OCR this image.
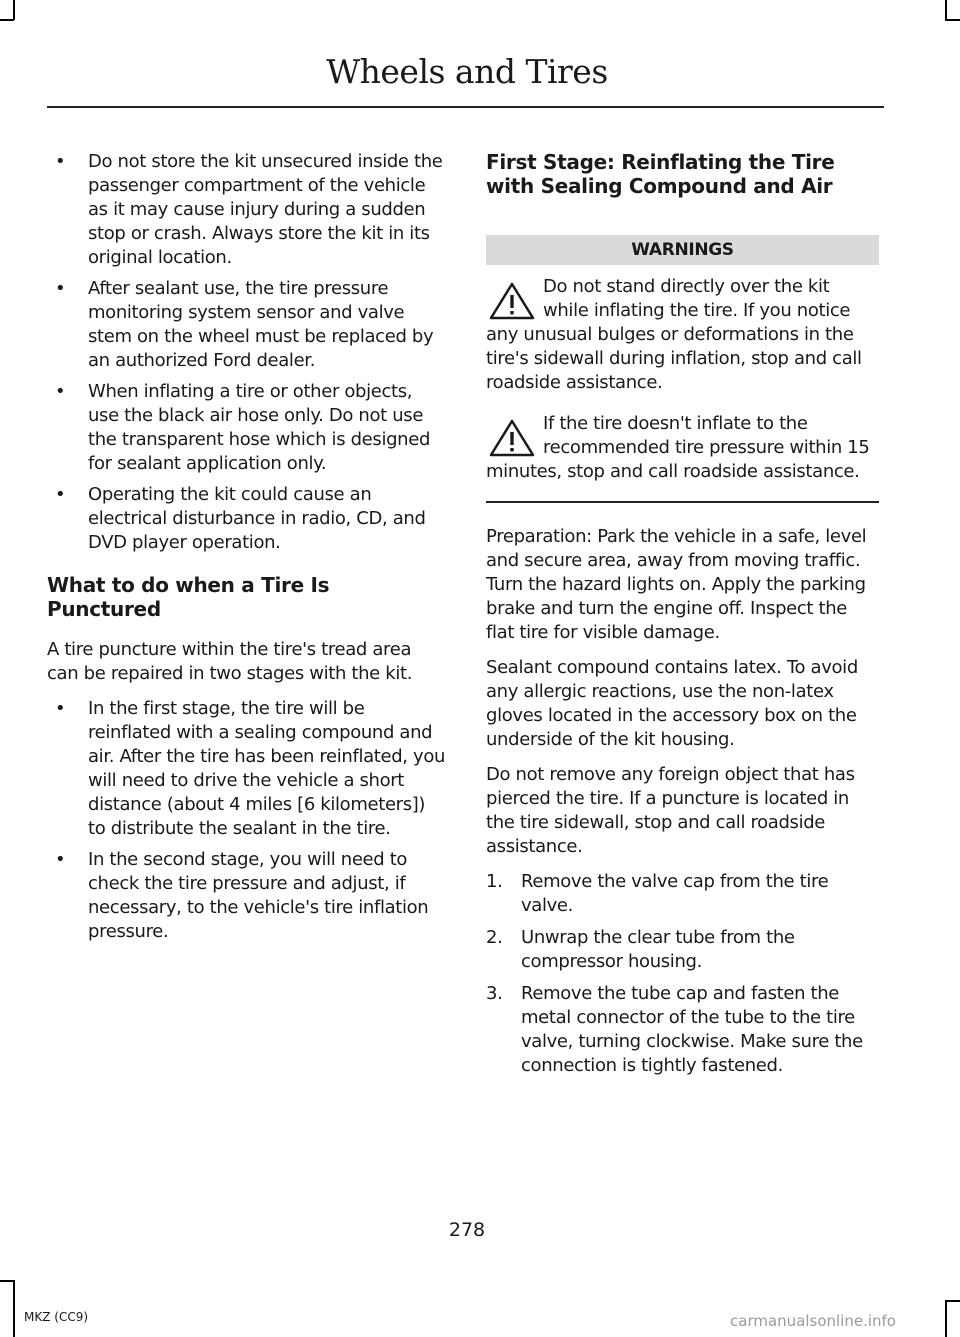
Wheels and Tires
• Do not store the kit unsecured inside the passenger compartment of the vehicle as it may cause injury during a sudden stop or crash. Always store the kit in its original location.
• After sealant use, the tire pressure monitoring system sensor and valve stem on the wheel must be replaced by an authorized Ford dealer.
• When inflating a tire or other objects, use the black air hose only. Do not use the transparent hose which is designed for sealant application only.
• Operating the kit could cause an electrical disturbance in radio, CD, and DVD player operation.
What to do when a Tire Is Punctured

A tire puncture within the tire's tread area can be repaired in two stages with the kit.

• In the first stage, the tire will be reinflated with a sealing compound and air. After the tire has been reinflated, you will need to drive the vehicle a short distance (about 4 miles [6 kilometers]) to distribute the sealant in the tire.
• In the second stage, you will need to check the tire pressure and adjust, if necessary, to the vehicle's tire inflation pressure.
First Stage: Reinflating the Tire with Sealing Compound and Air
WARNINGS
Do not stand directly over the kit while inflating the tire. If you notice any unusual bulges or deformations in the tire's sidewall during inflation, stop and call roadside assistance.
If the tire doesn't inflate to the recommended tire pressure within 15 minutes, stop and call roadside assistance.

Preparation: Park the vehicle in a safe, level and secure area, away from moving traffic. Turn the hazard lights on. Apply the parking brake and turn the engine off. Inspect the flat tire for visible damage.

Sealant compound contains latex. To avoid any allergic reactions, use the non-latex gloves located in the accessory box on the underside of the kit housing.

Do not remove any foreign object that has pierced the tire. If a puncture is located in the tire sidewall, stop and call roadside assistance.

1. Remove the valve cap from the tire valve.
2. Unwrap the clear tube from the compressor housing.
3. Remove the tube cap and fasten the metal connector of the tube to the tire valve, turning clockwise. Make sure the connection is tightly fastened.
278
MKZ (CC9)	carmanualsonline.info
